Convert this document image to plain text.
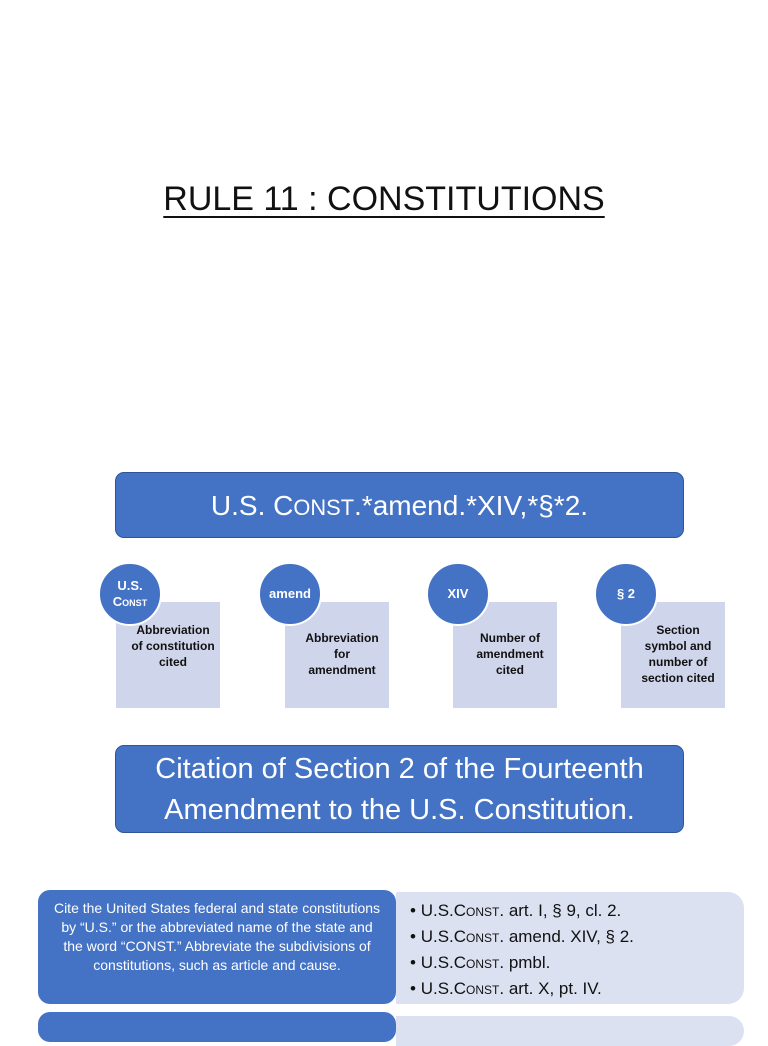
RULE 11 : CONSTITUTIONS
U.S. CONST.*amend.*XIV,*§*2.
Abbreviation of constitution cited
U.S.
Const
Abbreviation for amendment
amend
Number of amendment cited
XIV
Section symbol and number of section cited
§ 2
Citation of Section 2 of the Fourteenth Amendment to the U.S. Constitution.
Cite the United States federal and state constitutions by “U.S.” or the abbreviated name of the state and the word “CONST.” Abbreviate the subdivisions of constitutions, such as article and cause.
• U.S.Const. art. I, § 9, cl. 2.
• U.S.Const. amend. XIV, § 2.
• U.S.Const. pmbl.
• U.S.Const. art. X, pt. IV.
